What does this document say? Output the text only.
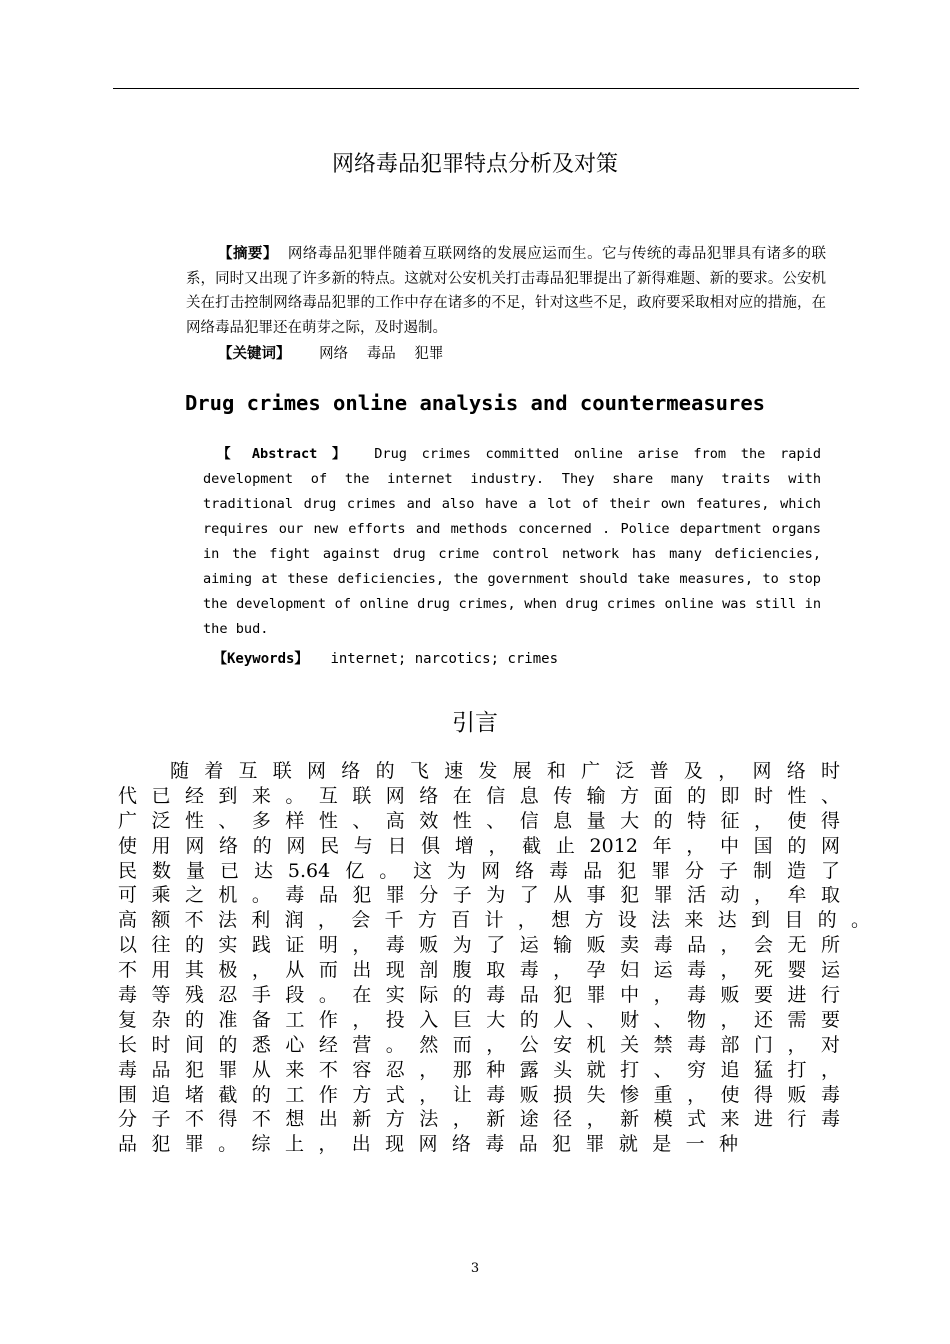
网络毒品犯罪特点分析及对策
【摘要】 网络毒品犯罪伴随着互联网络的发展应运而生。它与传统的毒品犯罪具有诸多的联系，同时又出现了许多新的特点。这就对公安机关打击毒品犯罪提出了新得难题、新的要求。公安机关在打击控制网络毒品犯罪的工作中存在诸多的不足，针对这些不足，政府要采取相对应的措施，在网络毒品犯罪还在萌芽之际，及时遏制。
【关键词】 网络 毒品 犯罪
Drug crimes online analysis and countermeasures
【 Abstract 】 Drug crimes committed online arise from the rapid development of the internet industry. They share many traits with traditional drug crimes and also have a lot of their own features, which requires our new efforts and methods concerned . Police department organs in the fight against drug crime control network has many deficiencies, aiming at these deficiencies, the government should take measures, to stop the development of online drug crimes, when drug crimes online was still in the bud.
【Keywords】 internet; narcotics; crimes
引言
随着互联网络的飞速发展和广泛普及，网络时
代已经到来。互联网络在信息传输方面的即时性、
广泛性、多样性、高效性、信息量大的特征，使得
使用网络的网民与日俱增，截止2012年，中国的网
民数量已达5.64亿。这为网络毒品犯罪分子制造了
可乘之机。毒品犯罪分子为了从事犯罪活动，牟取
高额不法利润，会千方百计，想方设法来达到目的。
以往的实践证明，毒贩为了运输贩卖毒品，会无所
不用其极，从而出现剖腹取毒，孕妇运毒，死婴运
毒等残忍手段。在实际的毒品犯罪中，毒贩要进行
复杂的准备工作，投入巨大的人、财、物，还需要
长时间的悉心经营。然而，公安机关禁毒部门，对
毒品犯罪从来不容忍，那种露头就打、穷追猛打，
围追堵截的工作方式，让毒贩损失惨重，使得贩毒
分子不得不想出新方法，新途径，新模式来进行毒
品犯罪。综上，出现网络毒品犯罪就是一种
3
